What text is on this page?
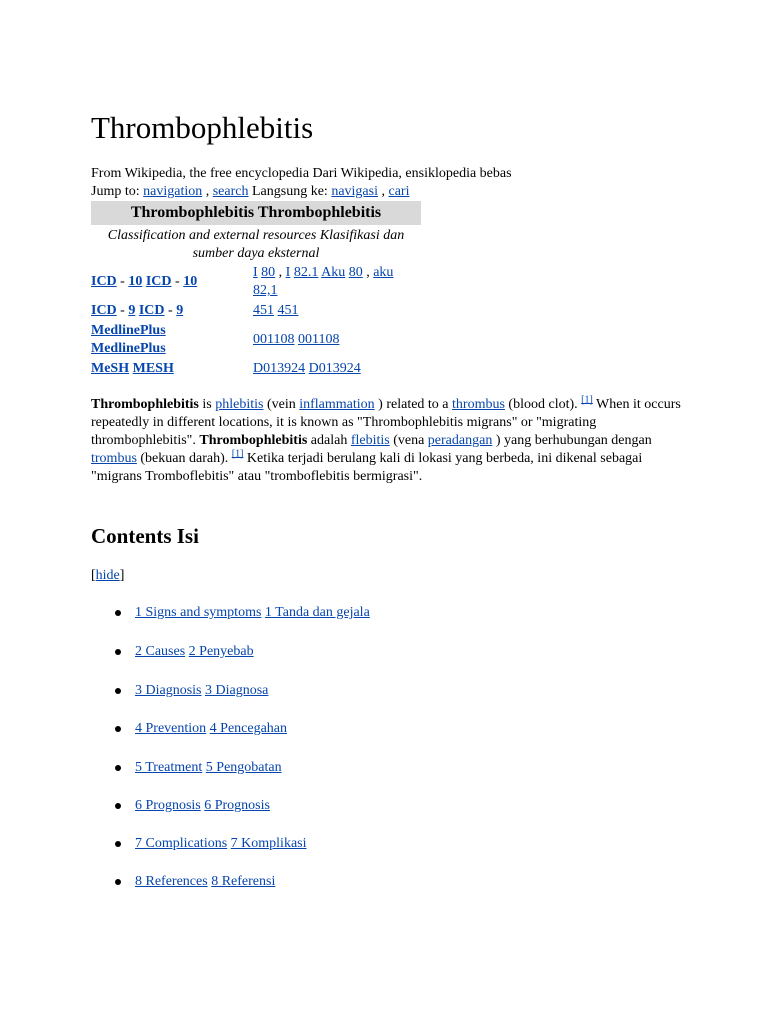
Thrombophlebitis
From Wikipedia, the free encyclopedia Dari Wikipedia, ensiklopedia bebas
Jump to: navigation , search Langsung ke: navigasi , cari
Thrombophlebitis Thrombophlebitis
Classification and external resources Klasifikasi dan sumber daya eksternal
ICD - 10 ICD - 10
I 80 , I 82.1 Aku 80 , aku 82,1
ICD - 9 ICD - 9	451 451
MedlinePlus
MedlinePlus
001108 001108
MeSH MESH	D013924 D013924
Thrombophlebitis is phlebitis (vein inflammation ) related to a thrombus (blood clot). [1] When it occurs repeatedly in different locations, it is known as "Thrombophlebitis migrans" or "migrating thrombophlebitis". Thrombophlebitis adalah flebitis (vena peradangan ) yang berhubungan dengan trombus (bekuan darah). [1] Ketika terjadi berulang kali di lokasi yang berbeda, ini dikenal sebagai "migrans Tromboflebitis" atau "tromboflebitis bermigrasi".
Contents Isi
[hide]
1 Signs and symptoms 1 Tanda dan gejala
2 Causes 2 Penyebab
3 Diagnosis 3 Diagnosa
4 Prevention 4 Pencegahan
5 Treatment 5 Pengobatan
6 Prognosis 6 Prognosis
7 Complications 7 Komplikasi
8 References 8 Referensi
